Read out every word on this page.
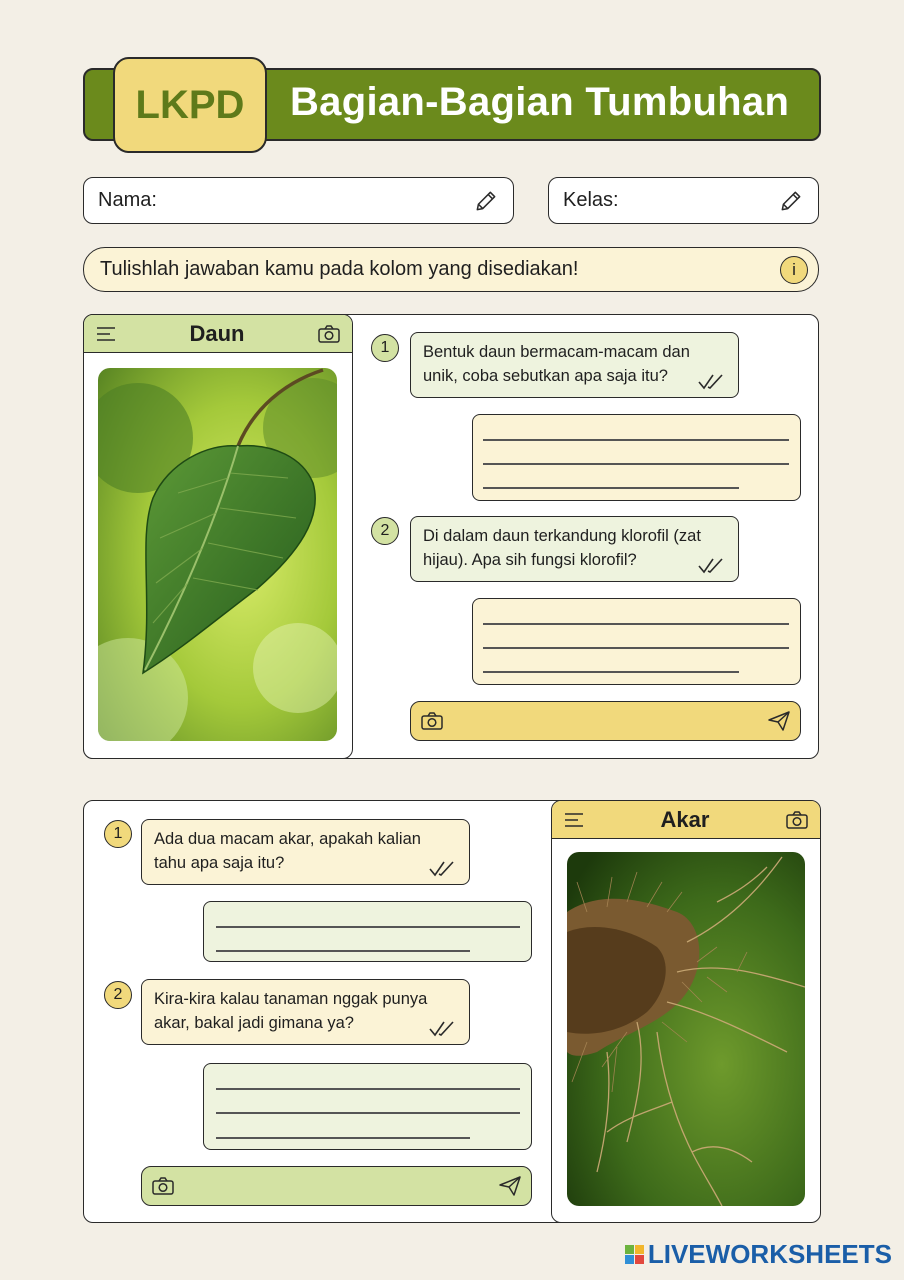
Bagian-Bagian Tumbuhan
LKPD
Nama:	Kelas:
Tulishlah jawaban kamu pada kolom yang disediakan!	i
Daun
1	Bentuk daun bermacam-macam dan unik, coba sebutkan apa saja itu?
2	Di dalam daun terkandung klorofil (zat hijau). Apa sih fungsi klorofil?
Akar
1	Ada dua macam akar, apakah kalian tahu apa saja itu?
2	Kira-kira kalau tanaman nggak punya akar, bakal jadi gimana ya?
LIVEWORKSHEETS
